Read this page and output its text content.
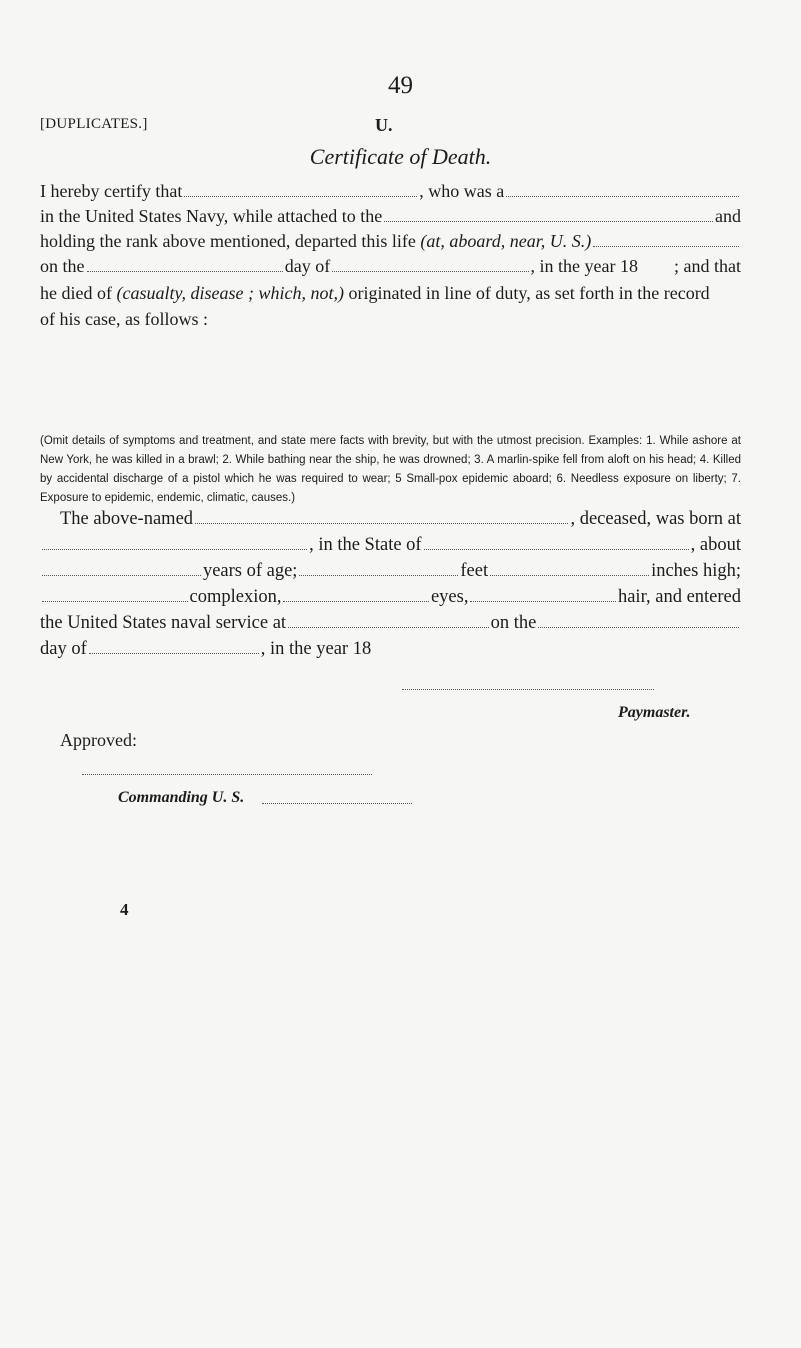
49
[DUPLICATES.]	U.
Certificate of Death.
I hereby certify that	, who was a
in the United States Navy, while attached to the	and
holding the rank above mentioned, departed this life
(at, aboard, near, U. S.)
on the	day of	, in the year 18 ; and that
he died of
(casualty, disease ; which, not,)
originated in line of duty, as set forth in the record
of his case, as follows :
(Omit details of symptoms and treatment, and state mere facts with brevity, but with the utmost precision. Examples: 1. While ashore at New York, he was killed in a brawl; 2. While bathing near the ship, he was drowned; 3. A marlin-spike fell from aloft on his head; 4. Killed by accidental discharge of a pistol which he was required to wear; 5 Small-pox epidemic aboard; 6. Needless exposure on liberty; 7. Exposure to epidemic, endemic, climatic, causes.)
The above-named	, deceased, was born at
, in the State of	, about
years of age;	feet	inches high;
complexion,	eyes,	hair, and entered
the United States naval service at	on the
day of	, in the year 18
Paymaster.
Approved:
Commanding U. S.
4
